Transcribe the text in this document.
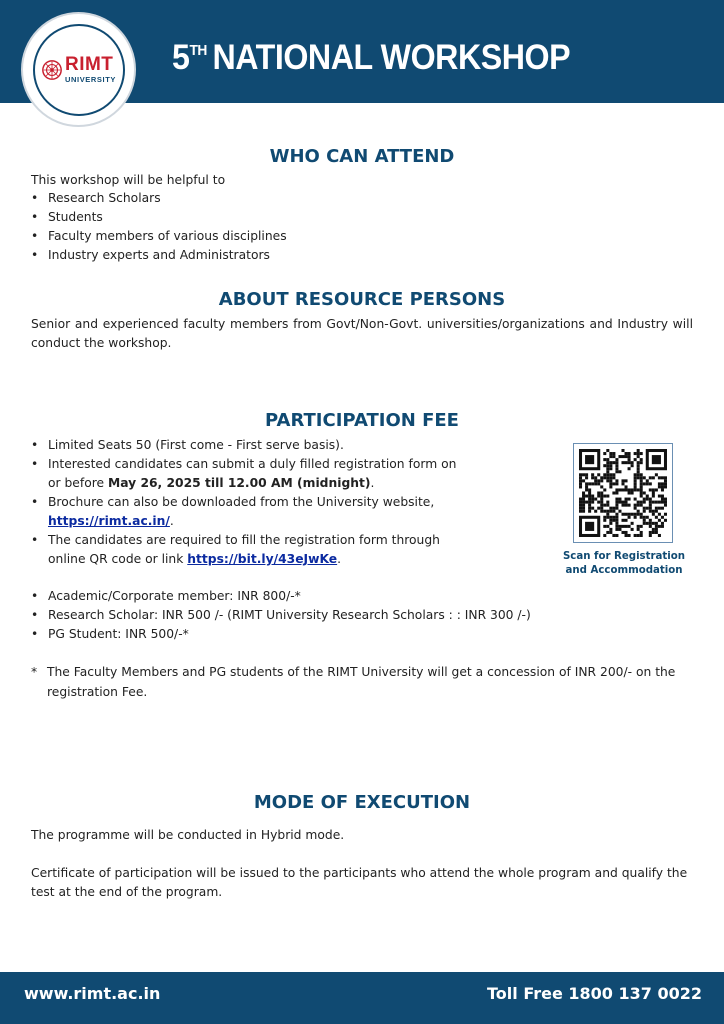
5TH NATIONAL WORKSHOP
RIMT
UNIVERSITY
WHO CAN ATTEND
This workshop will be helpful to
• Research Scholars
• Students
• Faculty members of various disciplines
• Industry experts and Administrators
ABOUT RESOURCE PERSONS
Senior and experienced faculty members from Govt/Non-Govt. universities/organizations and Industry will conduct the workshop.
PARTICIPATION FEE
• Limited Seats 50 (First come - First serve basis).
• Interested candidates can submit a duly filled registration form on or before May 26, 2025 till 12.00 AM (midnight).
• Brochure can also be downloaded from the University website, https://rimt.ac.in/.
• The candidates are required to fill the registration form through online QR code or link https://bit.ly/43eJwKe.	Scan for Registration
and Accommodation
• Academic/Corporate member: INR 800/-*
• Research Scholar: INR 500 /- (RIMT University Research Scholars : : INR 300 /-)
• PG Student: INR 500/-*
* The Faculty Members and PG students of the RIMT University will get a concession of INR 200/- on the registration Fee.
MODE OF EXECUTION
The programme will be conducted in Hybrid mode.
Certificate of participation will be issued to the participants who attend the whole program and qualify the test at the end of the program.
www.rimt.ac.in	Toll Free 1800 137 0022
